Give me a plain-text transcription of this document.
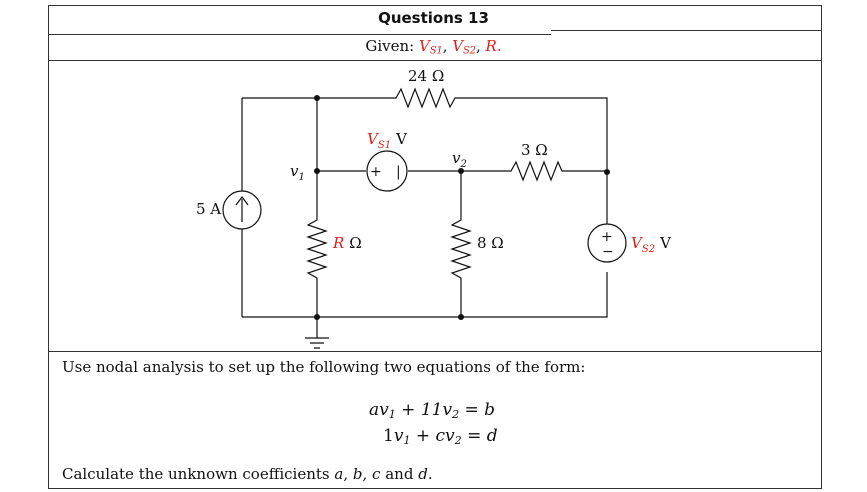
Questions 13
Given: $V_{S1}$, $V_{S2}$, R.
+ |
+
−
24 Ω
3 Ω
8 Ω
5 A
R Ω
$V_{S1}$ V
$V_{S2}$ V
$v_1$
$v_2$
Use nodal analysis to set up the following two equations of the form:
$av_1 + 11v_2 = b$
$1v_1 + cv_2 = d$
Calculate the unknown coefficients a, b, c and d.
